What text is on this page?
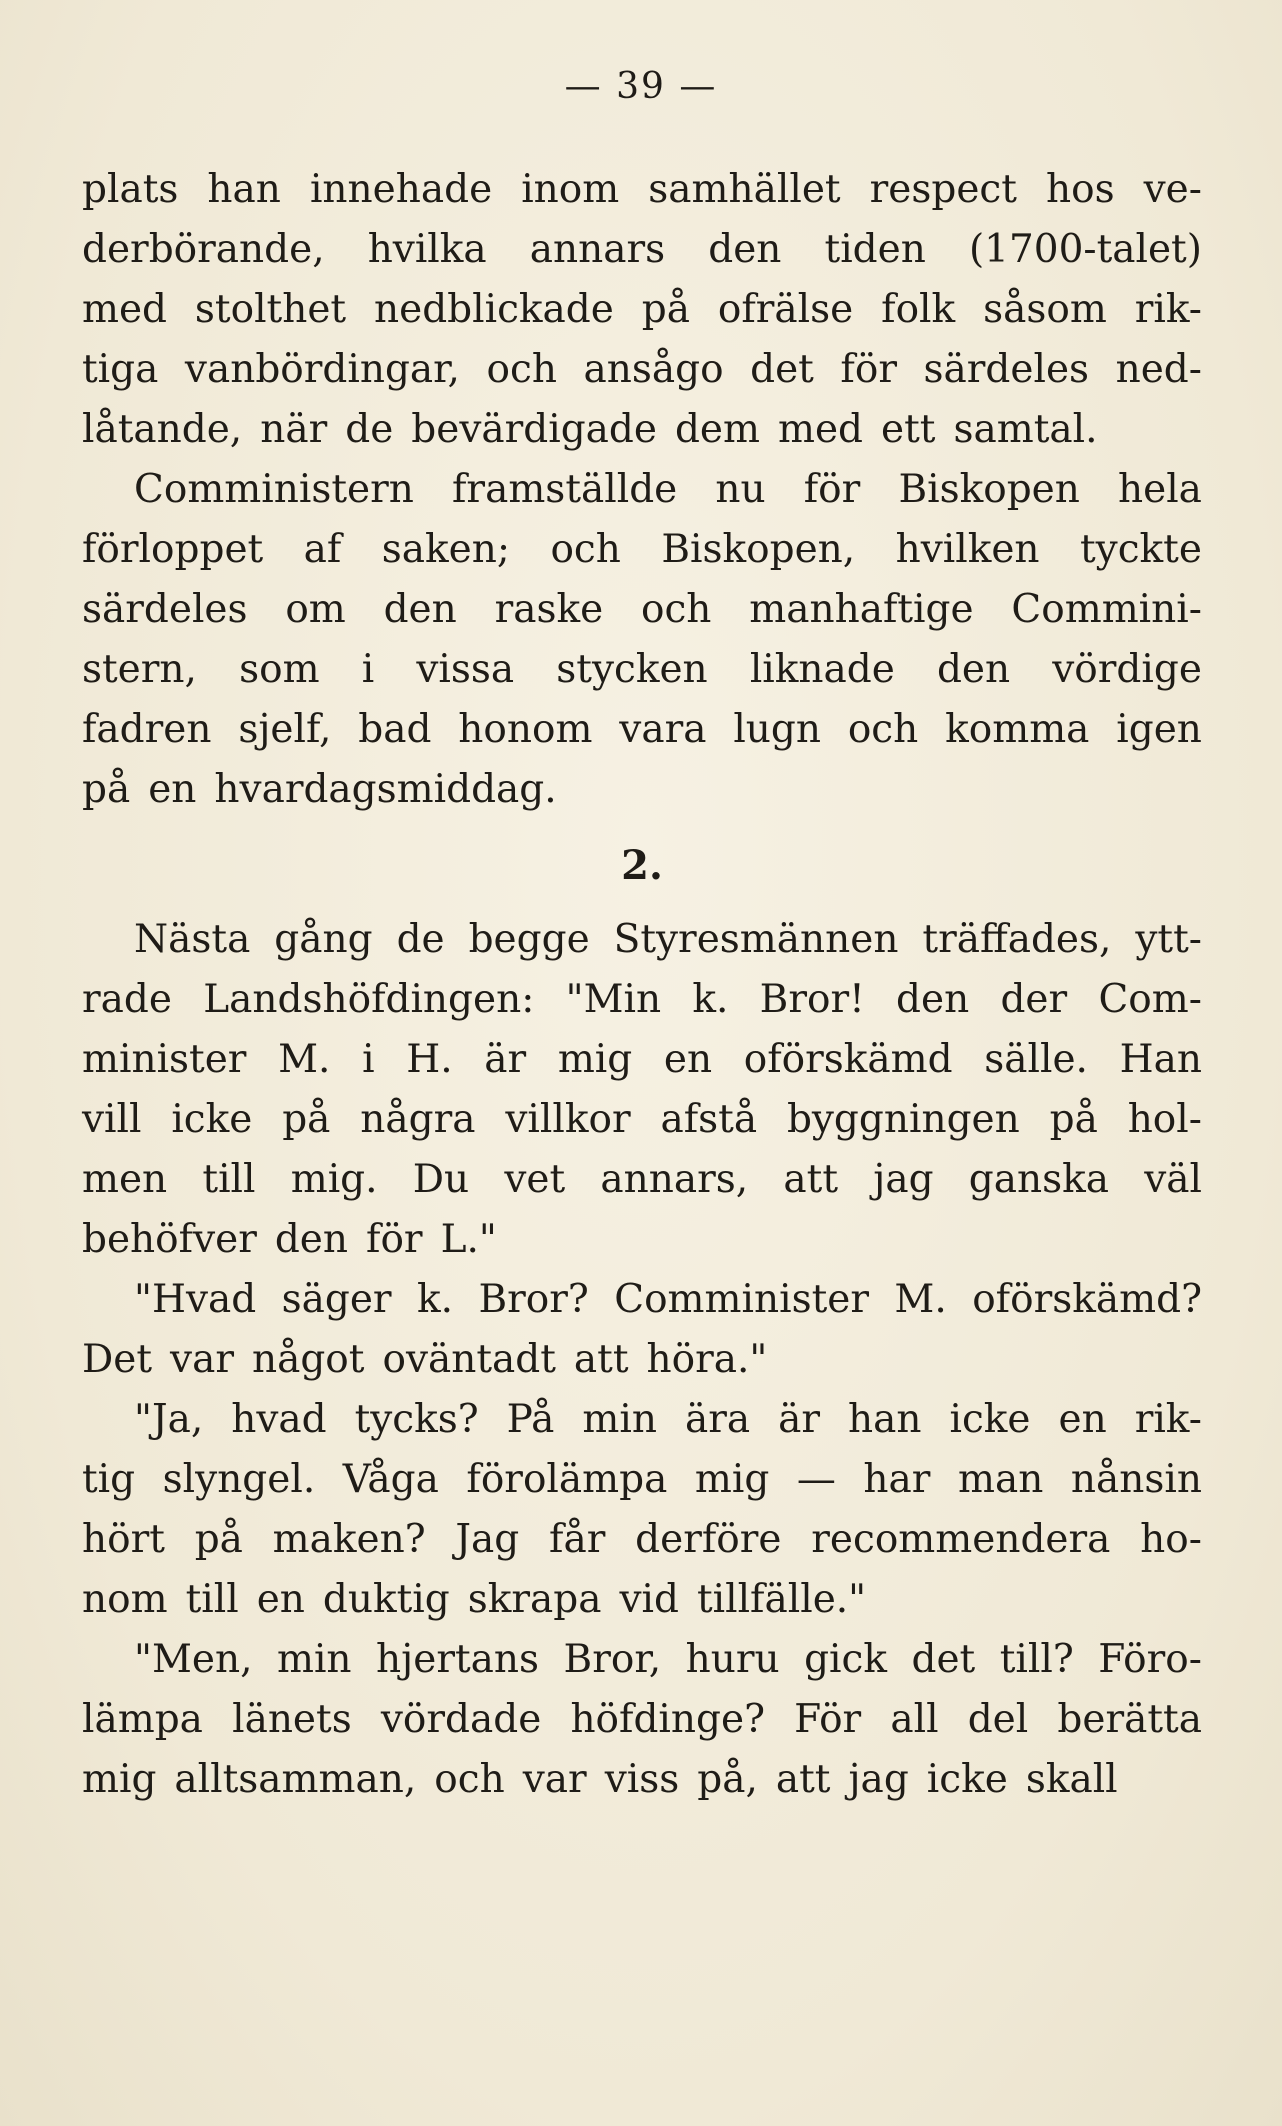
— 39 —
plats han innehade inom samhället respect hos ve-
derbörande, hvilka annars den tiden (1700-talet)
med stolthet nedblickade på ofrälse folk såsom rik-
tiga vanbördingar, och ansågo det för särdeles ned-
låtande, när de bevärdigade dem med ett samtal.
Comministern framställde nu för Biskopen hela
förloppet af saken; och Biskopen, hvilken tyckte
särdeles om den raske och manhaftige Commini-
stern, som i vissa stycken liknade den vördige
fadren sjelf, bad honom vara lugn och komma igen
på en hvardagsmiddag.
2.
Nästa gång de begge Styresmännen träffades, ytt-
rade Landshöfdingen: "Min k. Bror! den der Com-
minister M. i H. är mig en oförskämd sälle. Han
vill icke på några villkor afstå byggningen på hol-
men till mig. Du vet annars, att jag ganska väl
behöfver den för L."
"Hvad säger k. Bror? Comminister M. oförskämd?
Det var något oväntadt att höra."
"Ja, hvad tycks? På min ära är han icke en rik-
tig slyngel. Våga förolämpa mig — har man nånsin
hört på maken? Jag får derföre recommendera ho-
nom till en duktig skrapa vid tillfälle."
"Men, min hjertans Bror, huru gick det till? Föro-
lämpa länets vördade höfdinge? För all del berätta
mig alltsamman, och var viss på, att jag icke skall
